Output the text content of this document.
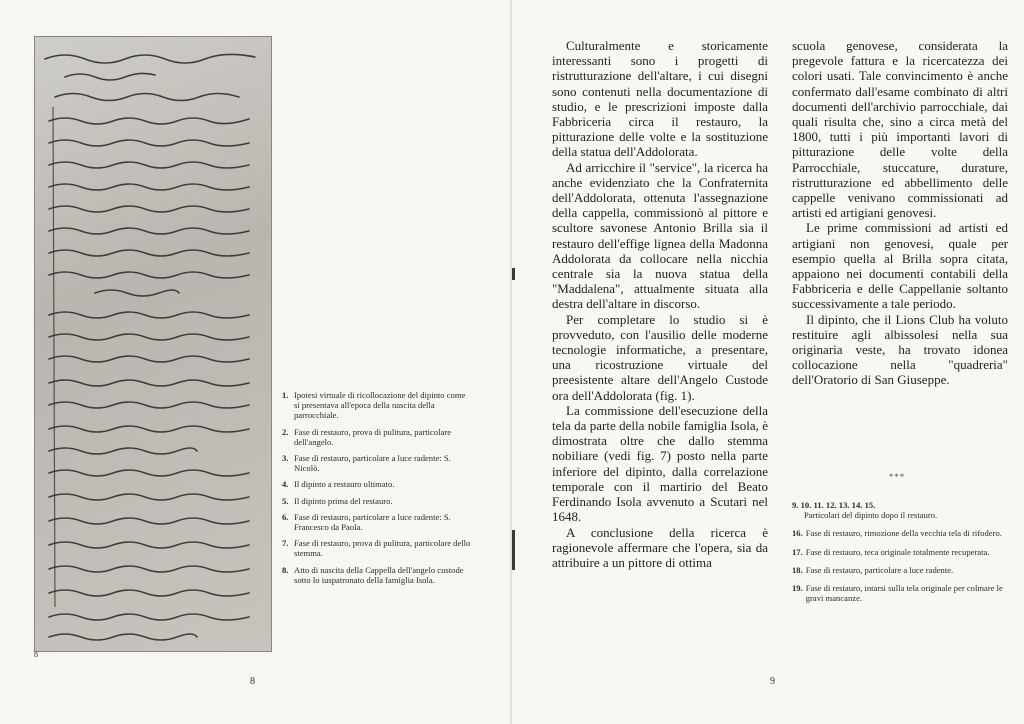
8
1. Ipotesi virtuale di ricollocazione del dipinto come si presentava all'epoca della nascita della parrocchiale.
2. Fase di restauro, prova di pulitura, particolare dell'angelo.
3. Fase di restauro, particolare a luce radente: S. Nicolò.
4. Il dipinto a restauro ultimato.
5. Il dipinto prima del restauro.
6. Fase di restauro, particolare a luce radente: S. Francesco da Paola.
7. Fase di restauro, prova di pulitura, particolare dello stemma.
8. Atto di nascita della Cappella dell'angelo custode sotto lo iuspatronato della famiglia Isola.
8

Culturalmente e storicamente interessanti sono i progetti di ristrutturazione dell'altare, i cui disegni sono contenuti nella documentazione di studio, e le prescrizioni imposte dalla Fabbriceria circa il restauro, la pitturazione delle volte e la sostituzione della statua dell'Addolorata.

Ad arricchire il "service", la ricerca ha anche evidenziato che la Confraternita dell'Addolorata, ottenuta l'assegnazione della cappella, commissionò al pittore e scultore savonese Antonio Brilla sia il restauro dell'effige lignea della Madonna Addolorata da collocare nella nicchia centrale sia la nuova statua della "Maddalena", attualmente situata alla destra dell'altare in discorso.

Per completare lo studio si è provveduto, con l'ausilio delle moderne tecnologie informatiche, a presentare, una ricostruzione virtuale del preesistente altare dell'Angelo Custode ora dell'Addolorata (fig. 1).

La commissione dell'esecuzione della tela da parte della nobile famiglia Isola, è dimostrata oltre che dallo stemma nobiliare (vedi fig. 7) posto nella parte inferiore del dipinto, dalla correlazione temporale con il martirio del Beato Ferdinando Isola avvenuto a Scutari nel 1648.

A conclusione della ricerca è ragionevole affermare che l'opera, sia da attribuire a un pittore di ottima

scuola genovese, considerata la pregevole fattura e la ricercatezza dei colori usati. Tale convincimento è anche confermato dall'esame combinato di altri documenti dell'archivio parrocchiale, dai quali risulta che, sino a circa metà del 1800, tutti i più importanti lavori di pitturazione delle volte della Parrocchiale, stuccature, durature, ristrutturazione ed abbellimento delle cappelle venivano commissionati ad artisti ed artigiani genovesi.

Le prime commissioni ad artisti ed artigiani non genovesi, quale per esempio quella al Brilla sopra citata, appaiono nei documenti contabili della Fabbriceria e delle Cappellanie soltanto successivamente a tale periodo.

Il dipinto, che il Lions Club ha voluto restituire agli albissolesi nella sua originaria veste, ha trovato idonea collocazione nella "quadreria" dell'Oratorio di San Giuseppe.

***
9. 10. 11. 12. 13. 14. 15.
Particolari del dipinto dopo il restauro.
16. Fase di restauro, rimozione della vecchia tela di rifodero.
17. Fase di restauro, teca originale totalmente recuperata.
18. Fase di restauro, particolare a luce radente.
19. Fase di restauro, intarsi sulla tela originale per colmare le gravi mancanze.
9
